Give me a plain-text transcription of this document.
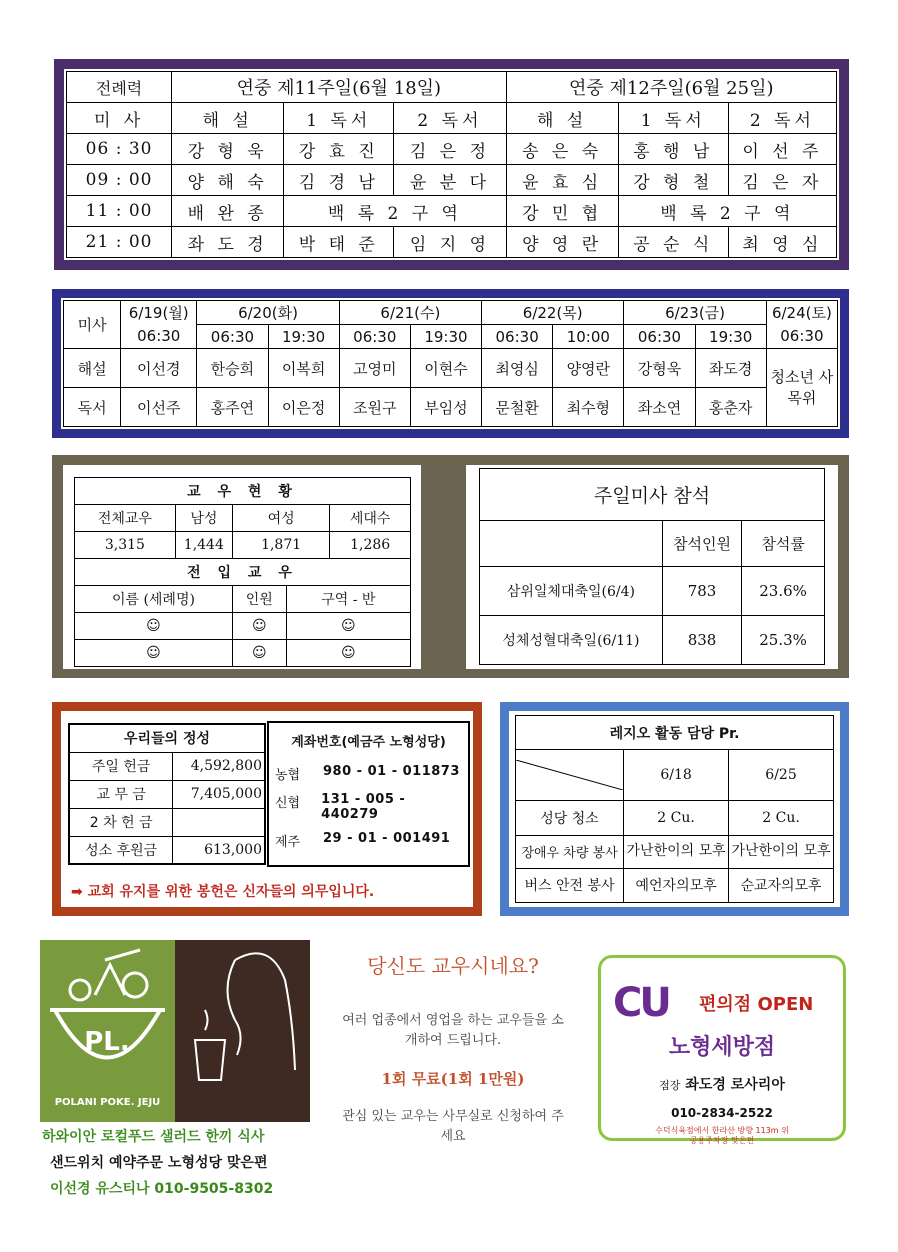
전례력	연중 제11주일(6월 18일)			연중 제12주일(6월 25일)		
미 사	해 설	1 독서	2 독서	해 설	1 독서	2 독서
06 : 30	강 형 욱	강 효 진	김 은 정	송 은 숙	홍 행 남	이 선 주
09 : 00	양 해 숙	김 경 남	윤 분 다	윤 효 심	강 형 철	김 은 자
11 : 00	배 완 종	백 록 2 구 역		강 민 협	백 록 2 구 역	
21 : 00	좌 도 경	박 태 준	임 지 영	양 영 란	공 순 식	최 영 심
미사	6/19(월)	6/20(화)		6/21(수)		6/22(목)		6/23(금)		6/24(토)
	06:30	06:30	19:30	06:30	19:30	06:30	10:00	06:30	19:30	06:30
해설	이선경	한승희	이복희	고영미	이현수	최영심	양영란	강형욱	좌도경	청소년 사목위
독서	이선주	홍주연	이은정	조원구	부임성	문철환	최수형	좌소연	홍춘자	
교 우 현 황				
전체교우	남성	여성		세대수
3,315	1,444	1,871		1,286
전 입 교 우				
이름 (세례명)		인원	구역 - 반	
☺		☺	☺	
☺		☺	☺	
주일미사 참석		
	참석인원	참석률
삼위일체대축일(6/4)	783	23.6%
성체성혈대축일(6/11)	838	25.3%
우리들의 정성	
주일 헌금	4,592,800
교 무 금	7,405,000
2 차 헌 금	
성소 후원금	613,000
계좌번호(예금주 노형성당)
농협	980 - 01 - 011873
신협	131 - 005 - 440279
제주	29 - 01 - 001491
➡ 교회 유지를 위한 봉헌은 신자들의 의무입니다.
레지오 활동 담당 Pr.		

	6/18	6/25
성당 청소	2 Cu.	2 Cu.
장애우 차량 봉사	가난한이의 모후	가난한이의 모후
버스 안전 봉사	예언자의모후	순교자의모후
PL.
POLANI POKE. JEJU	ricomaman
하와이안 로컬푸드 샐러드 한끼 식사
샌드위치 예약주문 노형성당 맞은편
이선경 유스티나 010-9505-8302
당신도 교우시네요?
여러 업종에서 영업을 하는 교우들을 소개하여 드립니다.
1회 무료(1회 1만원)
관심 있는 교우는 사무실로 신청하여 주세요
CU 편의점 OPEN
노형세방점
점장 좌도경 로사리아
010-2834-2522
수덕식육점에서 한라산 방향 113m 위
공용주차장 맞은편
